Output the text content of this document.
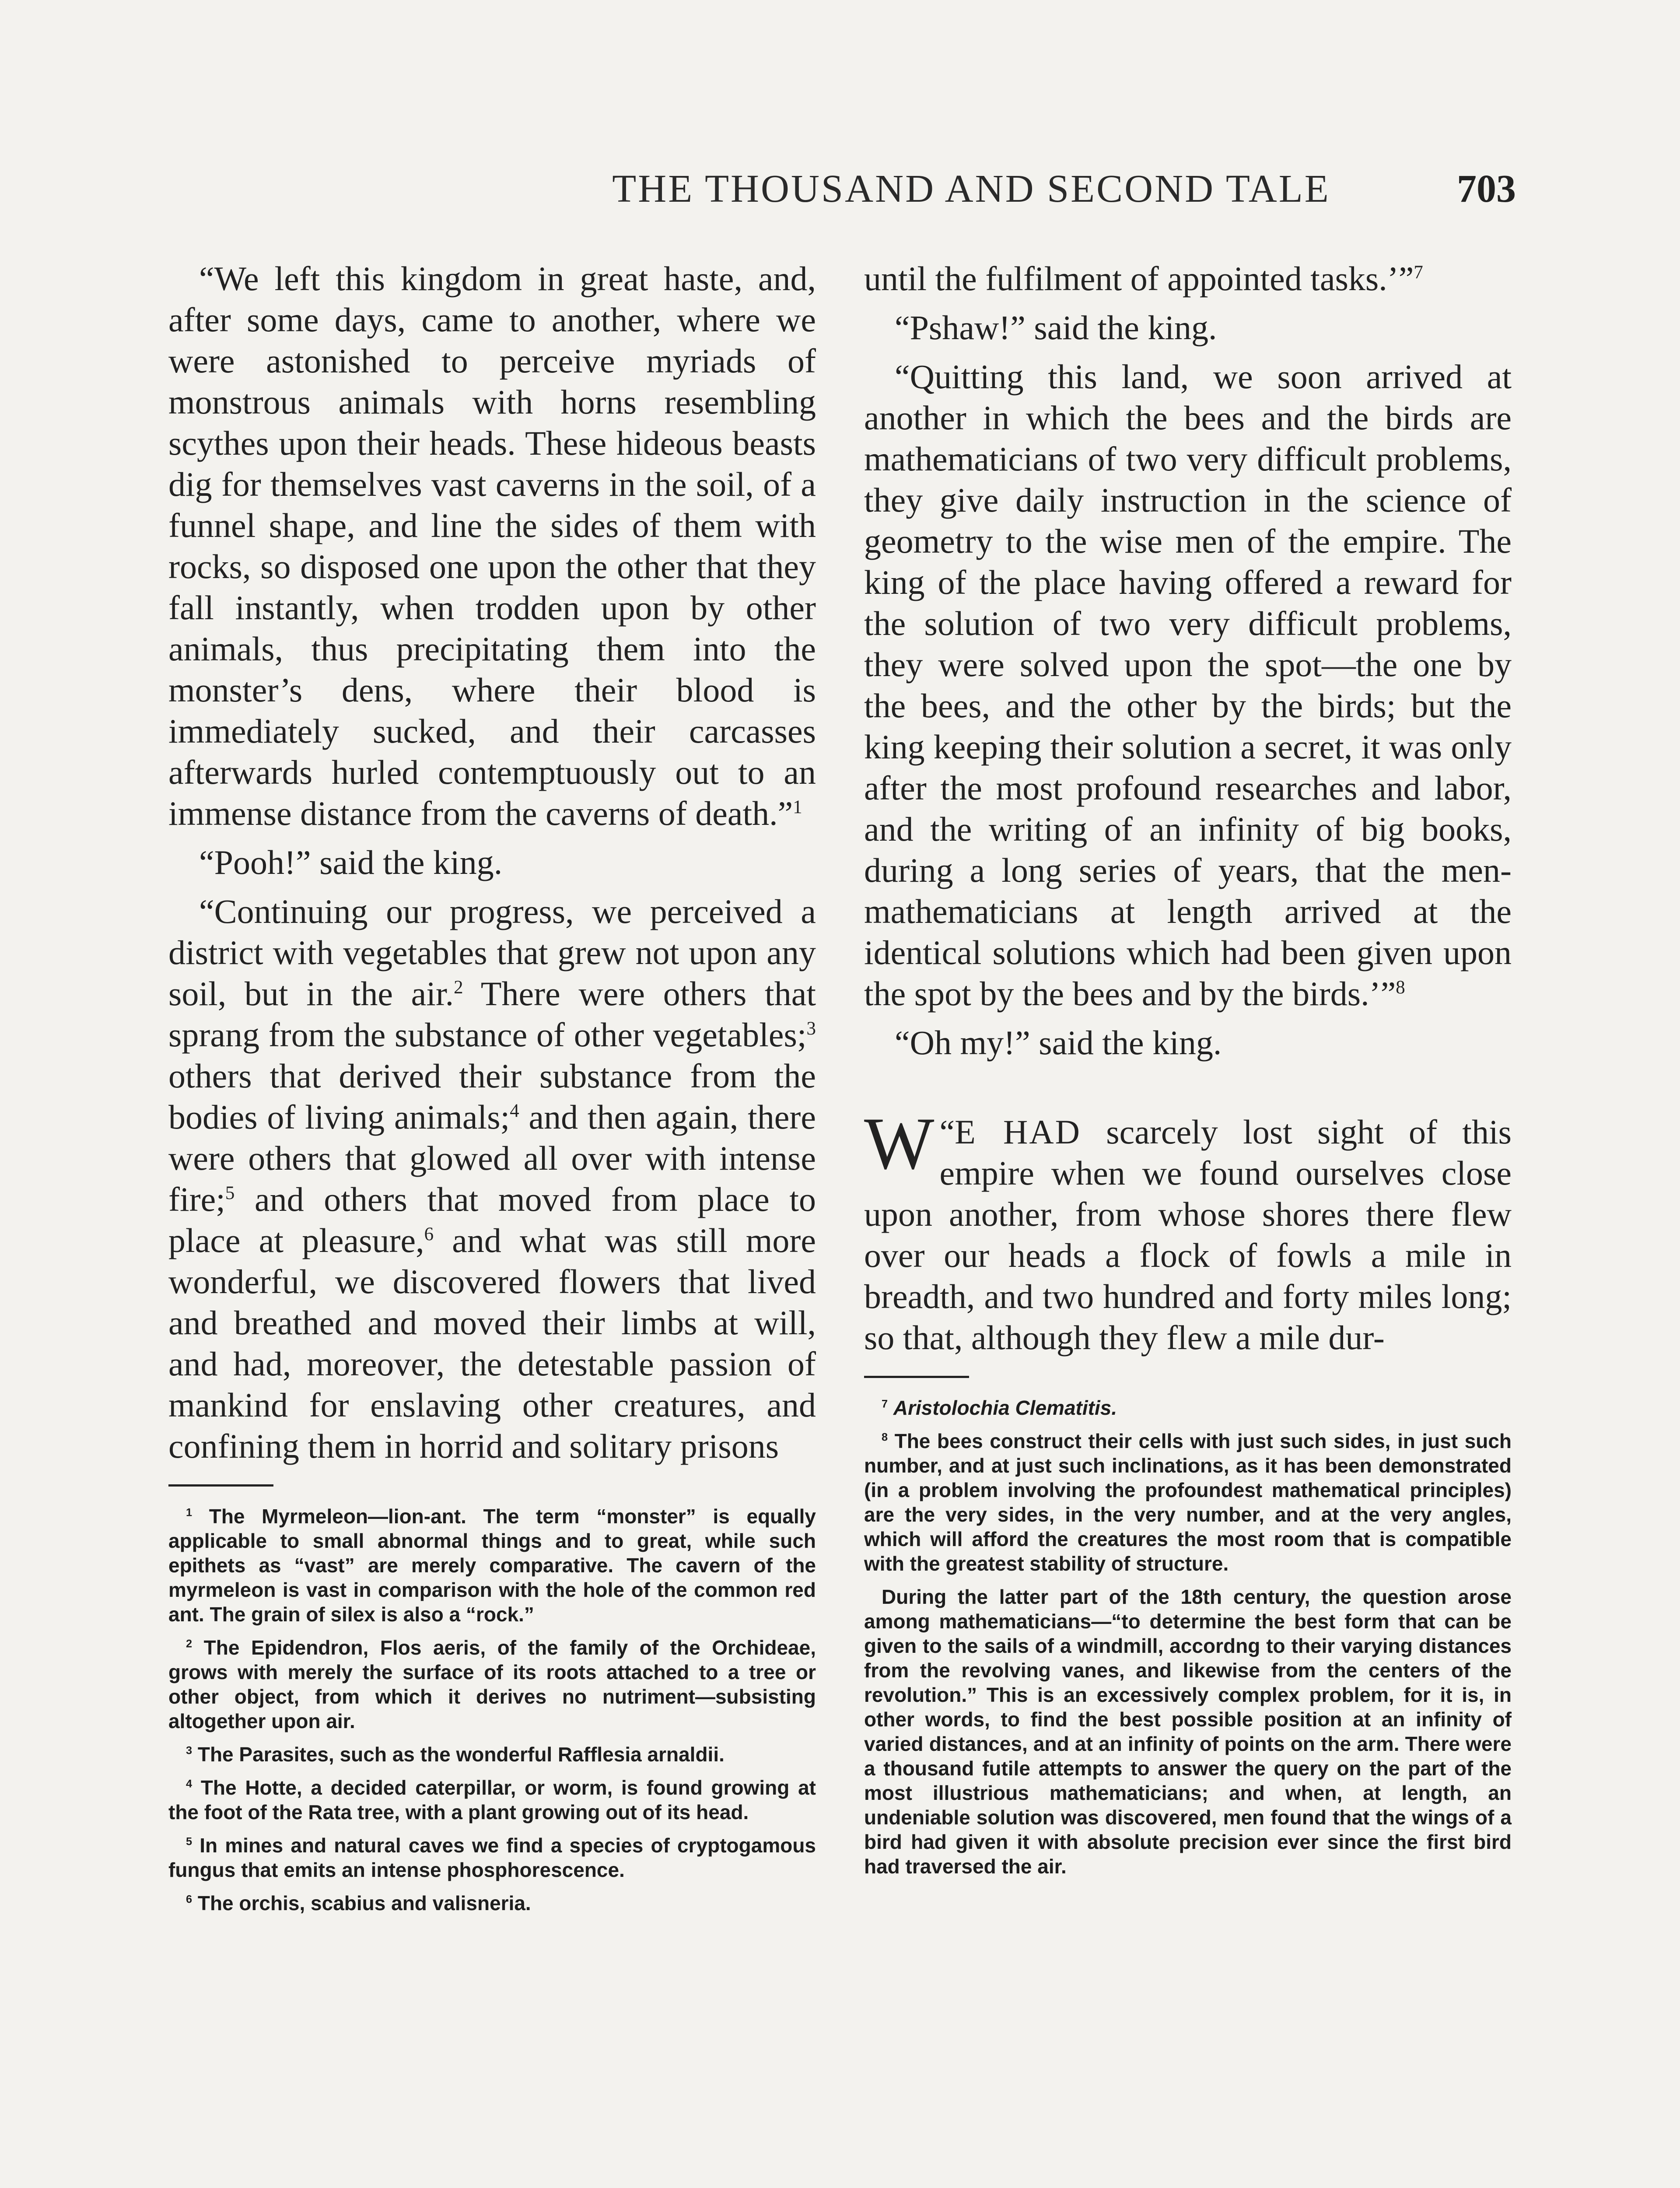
THE THOUSAND AND SECOND TALE	703

“We left this kingdom in great haste, and, after some days, came to another, where we were astonished to perceive myriads of monstrous animals with horns resembling scythes upon their heads. These hideous beasts dig for themselves vast caverns in the soil, of a funnel shape, and line the sides of them with rocks, so disposed one upon the other that they fall instantly, when trodden upon by other animals, thus precipitating them into the monster’s dens, where their blood is immediately sucked, and their carcasses afterwards hurled contemptuously out to an immense distance from the caverns of death.”$^1$

“Pooh!” said the king.

“Continuing our progress, we perceived a district with vegetables that grew not upon any soil, but in the air.$^2$ There were others that sprang from the substance of other vegetables;$^3$ others that derived their substance from the bodies of living animals;$^4$ and then again, there were others that glowed all over with intense fire;$^5$ and others that moved from place to place at pleasure,$^6$ and what was still more wonderful, we discovered flowers that lived and breathed and moved their limbs at will, and had, moreover, the detestable passion of mankind for enslaving other creatures, and confining them in horrid and solitary prisons

$^1$ The Myrmeleon—lion-ant. The term “monster” is equally applicable to small abnormal things and to great, while such epithets as “vast” are merely comparative. The cavern of the myrmeleon is vast in comparison with the hole of the common red ant. The grain of silex is also a “rock.”

$^2$ The Epidendron, Flos aeris, of the family of the Orchideae, grows with merely the surface of its roots attached to a tree or other object, from which it derives no nutriment—subsisting altogether upon air.

$^3$ The Parasites, such as the wonderful Rafflesia arnaldii.

$^4$ The Hotte, a decided caterpillar, or worm, is found growing at the foot of the Rata tree, with a plant growing out of its head.

$^5$ In mines and natural caves we find a species of cryptogamous fungus that emits an intense phosphorescence.

$^6$ The orchis, scabius and valisneria.

until the fulfilment of appointed tasks.’”$^7$

“Pshaw!” said the king.

“Quitting this land, we soon arrived at another in which the bees and the birds are mathematicians of two very difficult problems, they give daily instruction in the science of geometry to the wise men of the empire. The king of the place having offered a reward for the solution of two very difficult problems, they were solved upon the spot—the one by the bees, and the other by the birds; but the king keeping their solution a secret, it was only after the most profound researches and labor, and the writing of an infinity of big books, during a long series of years, that the men-mathematicians at length arrived at the identical solutions which had been given upon the spot by the bees and by the birds.’”$^8$

“Oh my!” said the king.

“
W E HAD scarcely lost sight of this empire when we found ourselves close upon another, from whose shores there flew over our heads a flock of fowls a mile in breadth, and two hundred and forty miles long; so that, although they flew a mile dur-

$^7$ Aristolochia Clematitis.

$^8$ The bees construct their cells with just such sides, in just such number, and at just such inclinations, as it has been demonstrated (in a problem involving the profoundest mathematical principles) are the very sides, in the very number, and at the very angles, which will afford the creatures the most room that is compatible with the greatest stability of structure.

During the latter part of the 18th century, the question arose among mathematicians—“to determine the best form that can be given to the sails of a windmill, accordng to their varying distances from the revolving vanes, and likewise from the centers of the revolution.” This is an excessively complex problem, for it is, in other words, to find the best possible position at an infinity of varied distances, and at an infinity of points on the arm. There were a thousand futile attempts to answer the query on the part of the most illustrious mathematicians; and when, at length, an undeniable solution was discovered, men found that the wings of a bird had given it with absolute precision ever since the first bird had traversed the air.
